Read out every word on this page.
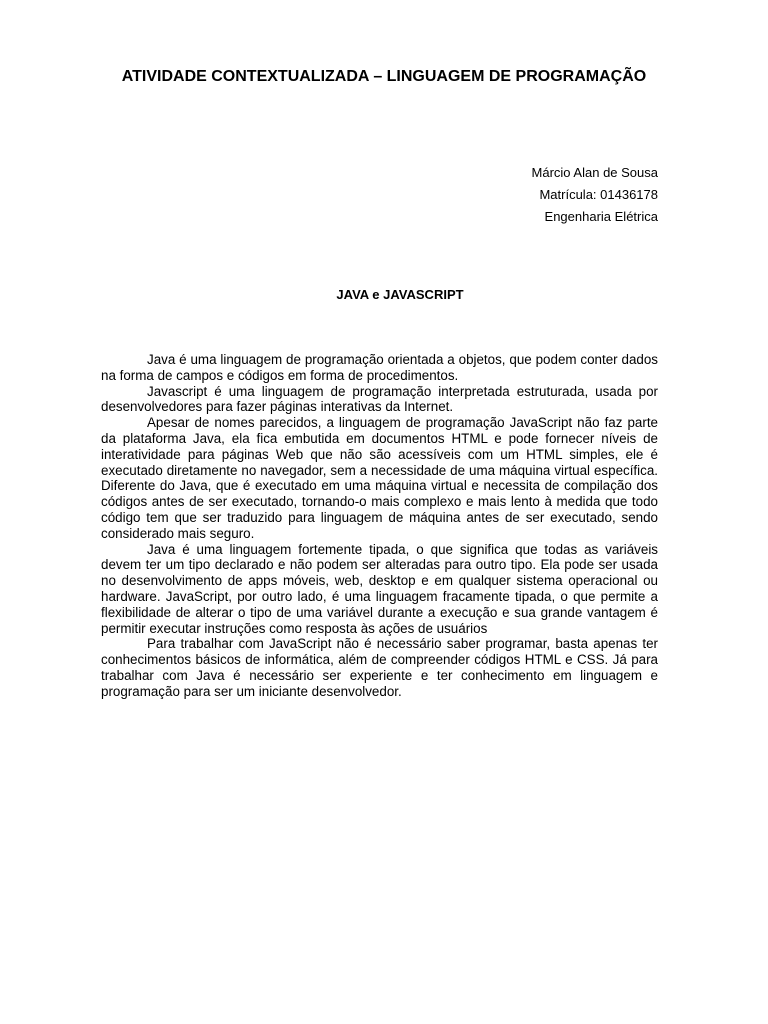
ATIVIDADE CONTEXTUALIZADA – LINGUAGEM DE PROGRAMAÇÃO

Márcio Alan de Sousa

Matrícula: 01436178

Engenharia Elétrica

JAVA e JAVASCRIPT

Java é uma linguagem de programação orientada a objetos, que podem conter dados na forma de campos e códigos em forma de procedimentos.

Javascript é uma linguagem de programação interpretada estruturada, usada por desenvolvedores para fazer páginas interativas da Internet.

Apesar de nomes parecidos, a linguagem de programação JavaScript não faz parte da plataforma Java, ela fica embutida em documentos HTML e pode fornecer níveis de interatividade para páginas Web que não são acessíveis com um HTML simples, ele é executado diretamente no navegador, sem a necessidade de uma máquina virtual específica. Diferente do Java, que é executado em uma máquina virtual e necessita de compilação dos códigos antes de ser executado, tornando-o mais complexo e mais lento à medida que todo código tem que ser traduzido para linguagem de máquina antes de ser executado, sendo considerado mais seguro.

Java é uma linguagem fortemente tipada, o que significa que todas as variáveis devem ter um tipo declarado e não podem ser alteradas para outro tipo. Ela pode ser usada no desenvolvimento de apps móveis, web, desktop e em qualquer sistema operacional ou hardware. JavaScript, por outro lado, é uma linguagem fracamente tipada, o que permite a flexibilidade de alterar o tipo de uma variável durante a execução e sua grande vantagem é permitir executar instruções como resposta às ações de usuários

Para trabalhar com JavaScript não é necessário saber programar, basta apenas ter conhecimentos básicos de informática, além de compreender códigos HTML e CSS. Já para trabalhar com Java é necessário ser experiente e ter conhecimento em linguagem e programação para ser um iniciante desenvolvedor.
